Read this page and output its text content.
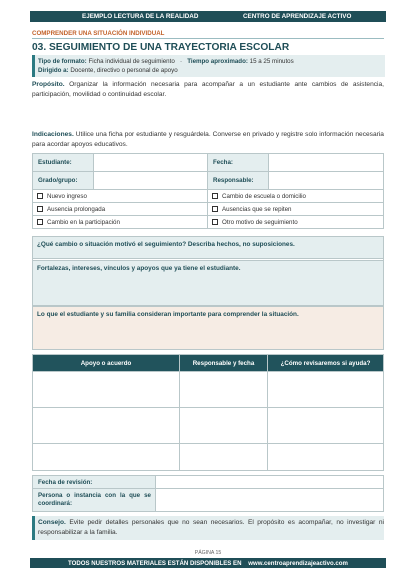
EJEMPLO LECTURA DE LA REALIDAD	CENTRO DE APRENDIZAJE ACTIVO
COMPRENDER UNA SITUACIÓN INDIVIDUAL
03. SEGUIMIENTO DE UNA TRAYECTORIA ESCOLAR
Tipo de formato: Ficha individual de seguimiento · Tiempo aproximado: 15 a 25 minutos
Dirigido a: Docente, directivo o personal de apoyo
Propósito. Organizar la información necesaria para acompañar a un estudiante ante cambios de asistencia, participación, movilidad o continuidad escolar.
Indicaciones. Utilice una ficha por estudiante y resguárdela. Converse en privado y registre solo información necesaria para acordar apoyos educativos.
Estudiante:	Fecha:
Grado/grupo:	Responsable:
Nuevo ingreso	Cambio de escuela o domicilio
Ausencia prolongada	Ausencias que se repiten
Cambio en la participación	Otro motivo de seguimiento
¿Qué cambio o situación motivó el seguimiento? Describa hechos, no suposiciones.
Fortalezas, intereses, vínculos y apoyos que ya tiene el estudiante.
Lo que el estudiante y su familia consideran importante para comprender la situación.
Apoyo o acuerdo	Responsable y fecha	¿Cómo revisaremos si ayuda?
Fecha de revisión:
Persona o instancia con la que se coordinará:
Consejo. Evite pedir detalles personales que no sean necesarios. El propósito es acompañar, no investigar ni responsabilizar a la familia.
PÁGINA 15
TODOS NUESTROS MATERIALES ESTÁN DISPONIBLES EN
www.centroaprendizajeactivo.com
